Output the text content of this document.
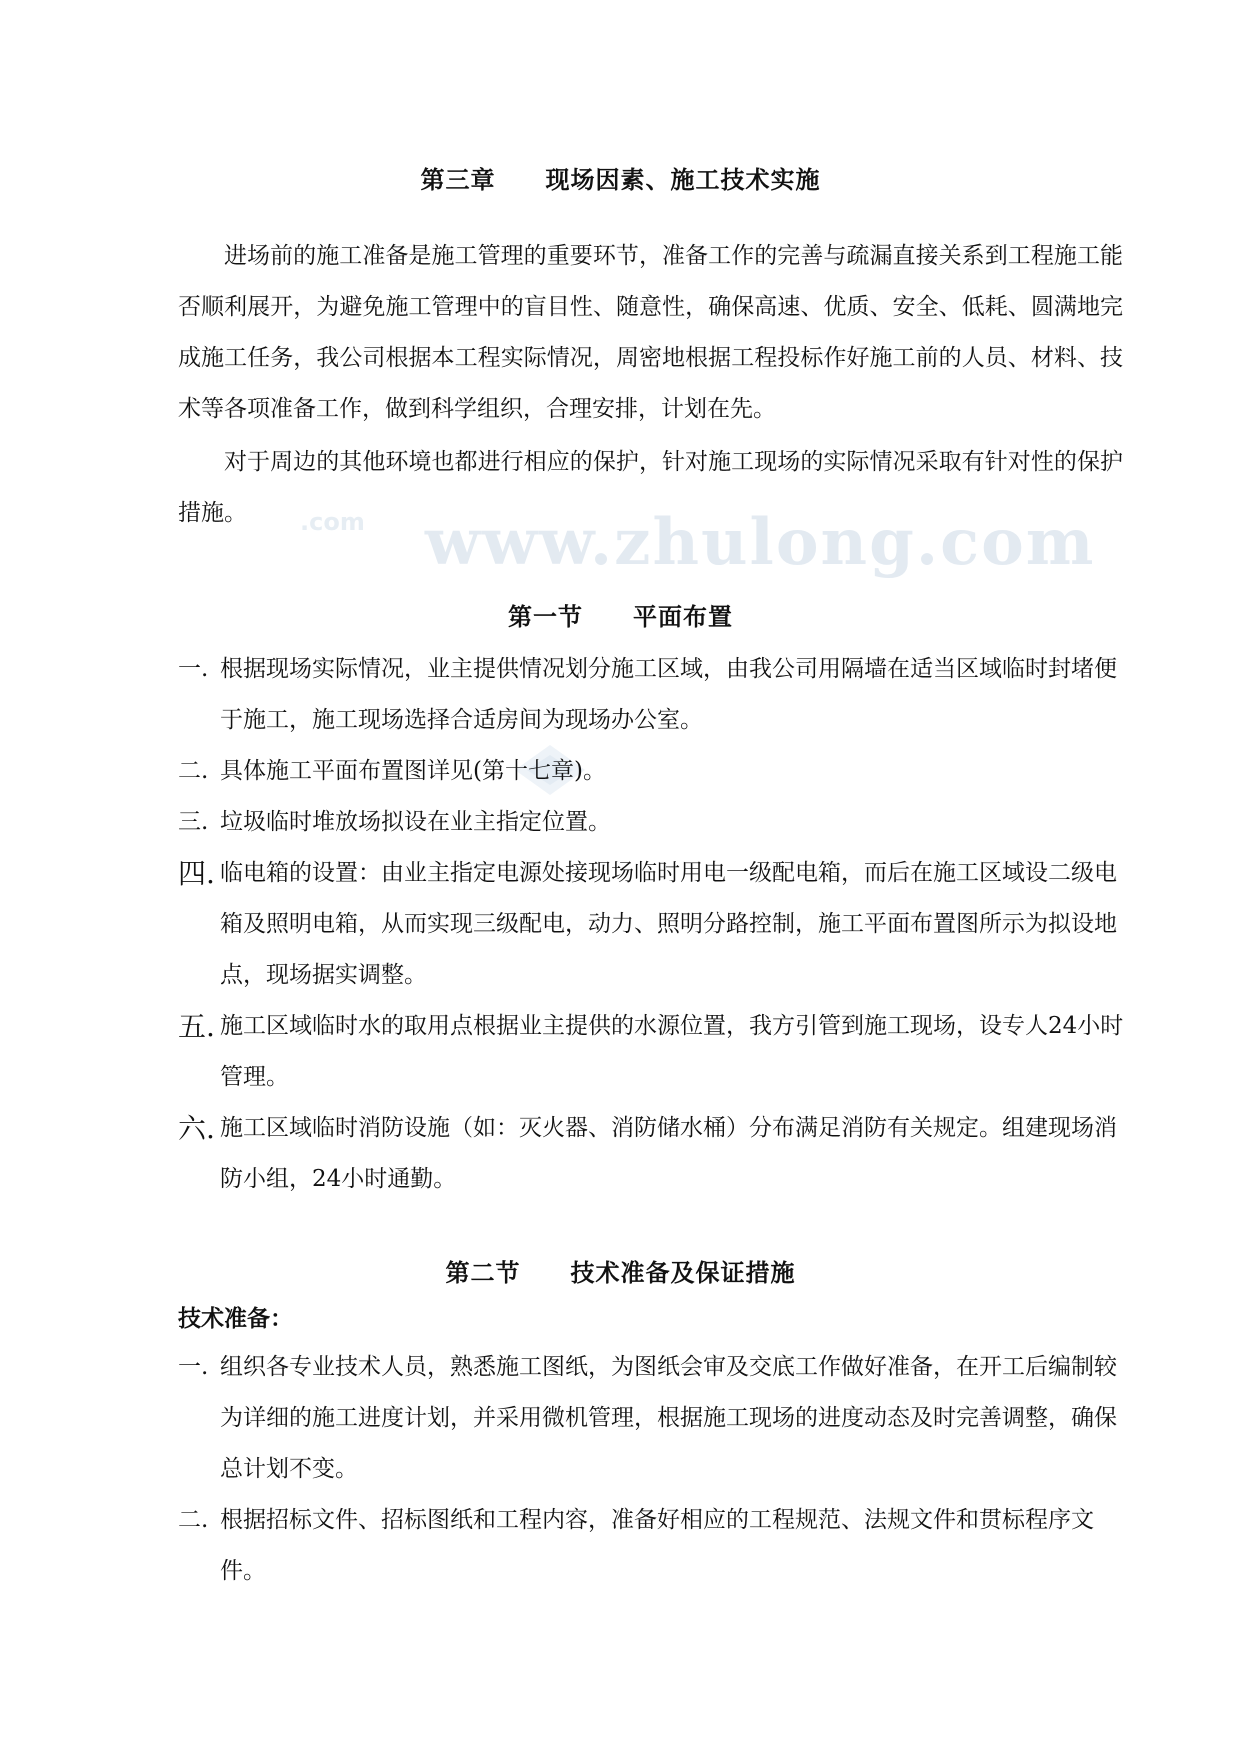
.com www.zhulong.com
第三章　　现场因素、施工技术实施

进场前的施工准备是施工管理的重要环节，准备工作的完善与疏漏直接关系到工程施工能否顺利展开，为避免施工管理中的盲目性、随意性，确保高速、优质、安全、低耗、圆满地完成施工任务，我公司根据本工程实际情况，周密地根据工程投标作好施工前的人员、材料、技术等各项准备工作，做到科学组织，合理安排，计划在先。

对于周边的其他环境也都进行相应的保护，针对施工现场的实际情况采取有针对性的保护措施。

第一节　　平面布置
一. 根据现场实际情况，业主提供情况划分施工区域，由我公司用隔墙在适当区域临时封堵便于施工，施工现场选择合适房间为现场办公室。
二. 具体施工平面布置图详见(第十七章)。
三. 垃圾临时堆放场拟设在业主指定位置。
四. 临电箱的设置：由业主指定电源处接现场临时用电一级配电箱，而后在施工区域设二级电箱及照明电箱，从而实现三级配电，动力、照明分路控制，施工平面布置图所示为拟设地点，现场据实调整。
五. 施工区域临时水的取用点根据业主提供的水源位置，我方引管到施工现场，设专人24小时管理。
六. 施工区域临时消防设施（如：灭火器、消防储水桶）分布满足消防有关规定。组建现场消防小组，24小时通勤。
第二节　　技术准备及保证措施
技术准备：
一. 组织各专业技术人员，熟悉施工图纸，为图纸会审及交底工作做好准备，在开工后编制较为详细的施工进度计划，并采用微机管理，根据施工现场的进度动态及时完善调整，确保总计划不变。
二. 根据招标文件、招标图纸和工程内容，准备好相应的工程规范、法规文件和贯标程序文件。
